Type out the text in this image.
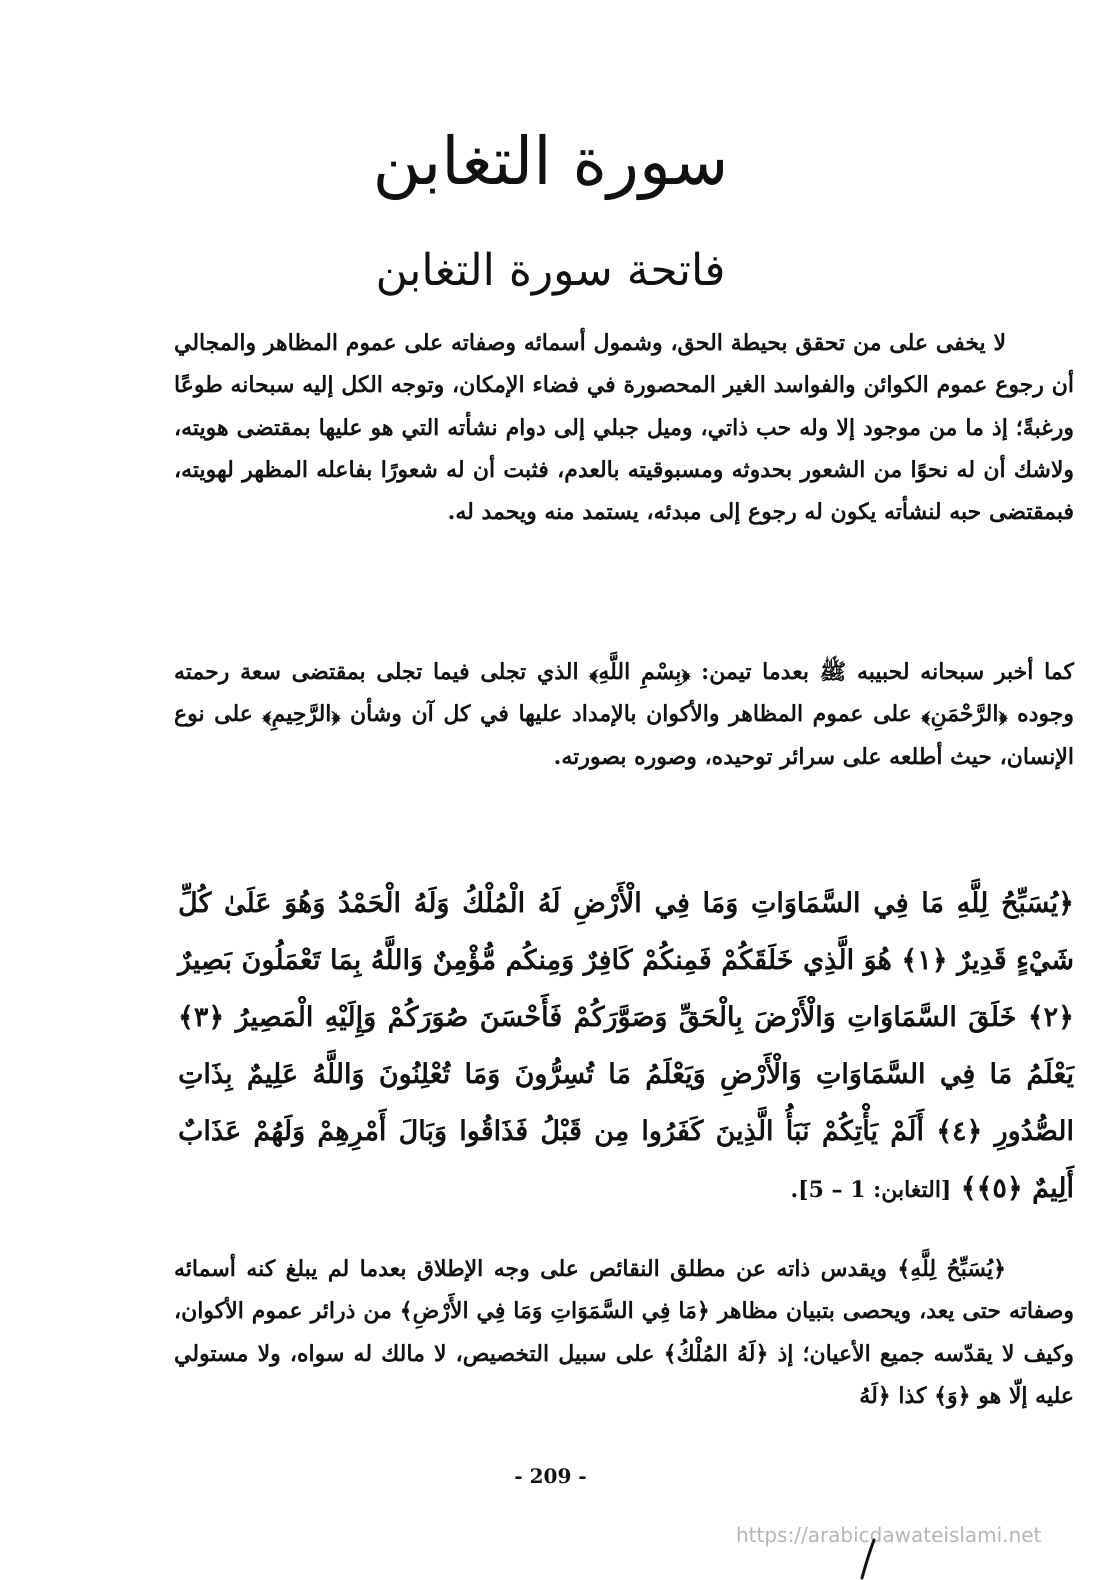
سورة التغابن
فاتحة سورة التغابن

لا يخفى على من تحقق بحيطة الحق، وشمول أسمائه وصفاته على عموم المظاهر والمجالي أن رجوع عموم الكوائن والفواسد الغير المحصورة في فضاء الإمكان، وتوجه الكل إليه سبحانه طوعًا ورغبةً؛ إذ ما من موجود إلا وله حب ذاتي، وميل جبلي إلى دوام نشأته التي هو عليها بمقتضى هويته، ولاشك أن له نحوًا من الشعور بحدوثه ومسبوقيته بالعدم، فثبت أن له شعورًا بفاعله المظهر لهويته، فبمقتضى حبه لنشأته يكون له رجوع إلى مبدئه، يستمد منه ويحمد له.

كما أخبر سبحانه لحبيبه ﷺ بعدما تيمن: ﴿بِسْمِ اللَّهِ﴾ الذي تجلى فيما تجلى بمقتضى سعة رحمته وجوده ﴿الرَّحْمَنِ﴾ على عموم المظاهر والأكوان بالإمداد عليها في كل آن وشأن ﴿الرَّحِيمِ﴾ على نوع الإنسان، حيث أطلعه على سرائر توحيده، وصوره بصورته.

﴿يُسَبِّحُ لِلَّهِ مَا فِي السَّمَاوَاتِ وَمَا فِي الْأَرْضِ لَهُ الْمُلْكُ وَلَهُ الْحَمْدُ وَهُوَ عَلَىٰ كُلِّ شَيْءٍ قَدِيرٌ ﴿١﴾ هُوَ الَّذِي خَلَقَكُمْ فَمِنكُمْ كَافِرٌ وَمِنكُم مُّؤْمِنٌ وَاللَّهُ بِمَا تَعْمَلُونَ بَصِيرٌ ﴿٢﴾ خَلَقَ السَّمَاوَاتِ وَالْأَرْضَ بِالْحَقِّ وَصَوَّرَكُمْ فَأَحْسَنَ صُوَرَكُمْ وَإِلَيْهِ الْمَصِيرُ ﴿٣﴾ يَعْلَمُ مَا فِي السَّمَاوَاتِ وَالْأَرْضِ وَيَعْلَمُ مَا تُسِرُّونَ وَمَا تُعْلِنُونَ وَاللَّهُ عَلِيمٌ بِذَاتِ الصُّدُورِ ﴿٤﴾ أَلَمْ يَأْتِكُمْ نَبَأُ الَّذِينَ كَفَرُوا مِن قَبْلُ فَذَاقُوا وَبَالَ أَمْرِهِمْ وَلَهُمْ عَذَابٌ أَلِيمٌ ﴿٥﴾﴾ [التغابن: 1 – 5].

﴿يُسَبِّحُ لِلَّهِ﴾ ويقدس ذاته عن مطلق النقائص على وجه الإطلاق بعدما لم يبلغ كنه أسمائه وصفاته حتى يعد، ويحصى بتبيان مظاهر ﴿مَا فِي السَّمَوَاتِ وَمَا فِي الأَرْضِ﴾ من ذرائر عموم الأكوان، وكيف لا يقدّسه جميع الأعيان؛ إذ ﴿لَهُ المُلْكُ﴾ على سبيل التخصيص، لا مالك له سواه، ولا مستولي عليه إلّا هو ﴿وَ﴾ كذا ﴿لَهُ

- 209 -
https://arabicdawateislami.net
